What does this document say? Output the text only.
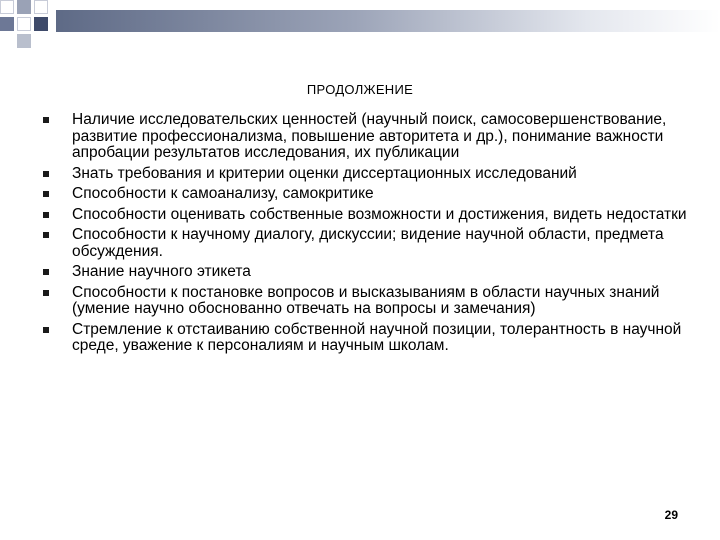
ПРОДОЛЖЕНИЕ
Наличие исследовательских ценностей (научный поиск, самосовершенствование, развитие профессионализма, повышение авторитета и др.), понимание важности апробации результатов исследования, их публикации
Знать требования и критерии оценки диссертационных исследований
Способности к самоанализу, самокритике
Способности оценивать собственные возможности и достижения, видеть недостатки
Способности к научному диалогу, дискуссии; видение научной области, предмета обсуждения.
Знание научного этикета
Способности к постановке вопросов и высказываниям в области научных знаний (умение научно обоснованно отвечать на вопросы и замечания)
Стремление к отстаиванию собственной научной позиции, толерантность в научной среде, уважение к персоналиям и научным школам.
29
